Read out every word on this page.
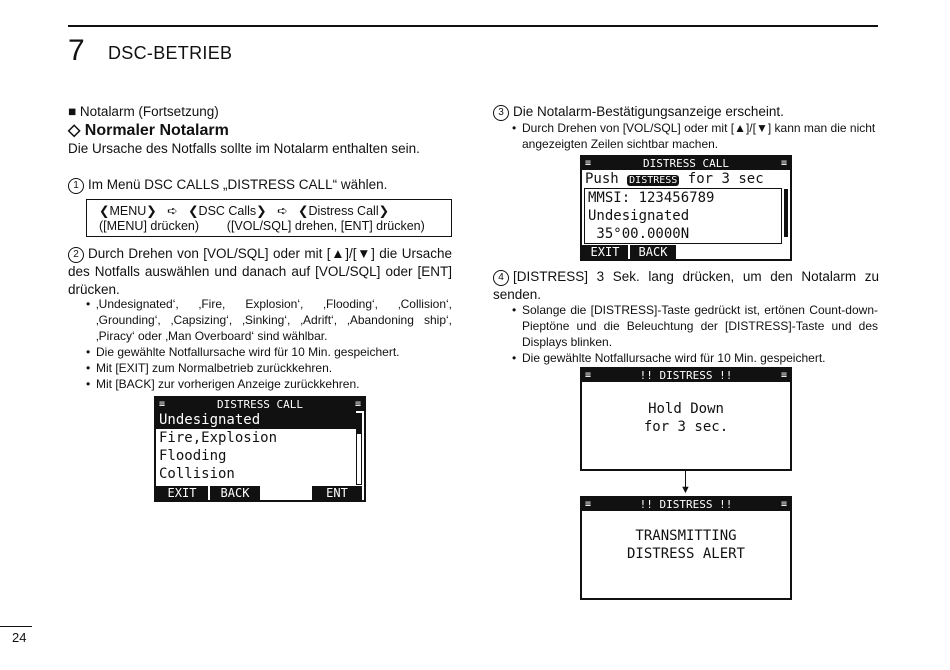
7 DSC-BETRIEB
■ Notalarm (Fortsetzung)
◇ Normaler Notalarm
Die Ursache des Notfalls sollte im Notalarm enthalten sein.
1 Im Menü DSC CALLS „DISTRESS CALL“ wählen.
❮MENU❯   ➪   ❮DSC Calls❯   ➪   ❮Distress Call❯
([MENU] drücken)        ([VOL/SQL] drehen, [ENT] drücken)
2 Durch Drehen von [VOL/SQL] oder mit [▲]/[▼] die Ursache des Notfalls auswählen und danach auf [VOL/SQL] oder [ENT] drücken.
• ‚Undesignated‘, ‚Fire, Explosion‘, ‚Flooding‘, ‚Collision‘, ‚Grounding‘, ‚Capsizing‘, ‚Sinking‘, ‚Adrift‘, ‚Abandoning ship‘, ‚Piracy‘ oder ‚Man Overboard‘ sind wählbar.
• Die gewählte Notfallursache wird für 10 Min. gespeichert.
• Mit [EXIT] zum Normalbetrieb zurückkehren.
• Mit [BACK] zur vorherigen Anzeige zurückkehren.
≡	DISTRESS CALL	≡
Undesignated
Fire,Explosion
Flooding
Collision
EXIT	BACK	ENT
3 Die Notalarm-Bestätigungsanzeige erscheint.
• Durch Drehen von [VOL/SQL] oder mit [▲]/[▼] kann man die nicht angezeigten Zeilen sichtbar machen.
≡	DISTRESS CALL	≡
Push DISTRESS for 3 sec
MMSI: 123456789
Undesignated
35°00.0000N
EXIT	BACK
4 [DISTRESS] 3 Sek. lang drücken, um den Notalarm zu senden.
• Solange die [DISTRESS]-Taste gedrückt ist, ertönen Count-down-Pieptöne und die Beleuchtung der [DISTRESS]-Taste und des Displays blinken.
• Die gewählte Notfallursache wird für 10 Min. gespeichert.
≡	!! DISTRESS !!	≡
Hold Down
for 3 sec.
▼
≡	!! DISTRESS !!	≡
TRANSMITTING
DISTRESS ALERT
24
